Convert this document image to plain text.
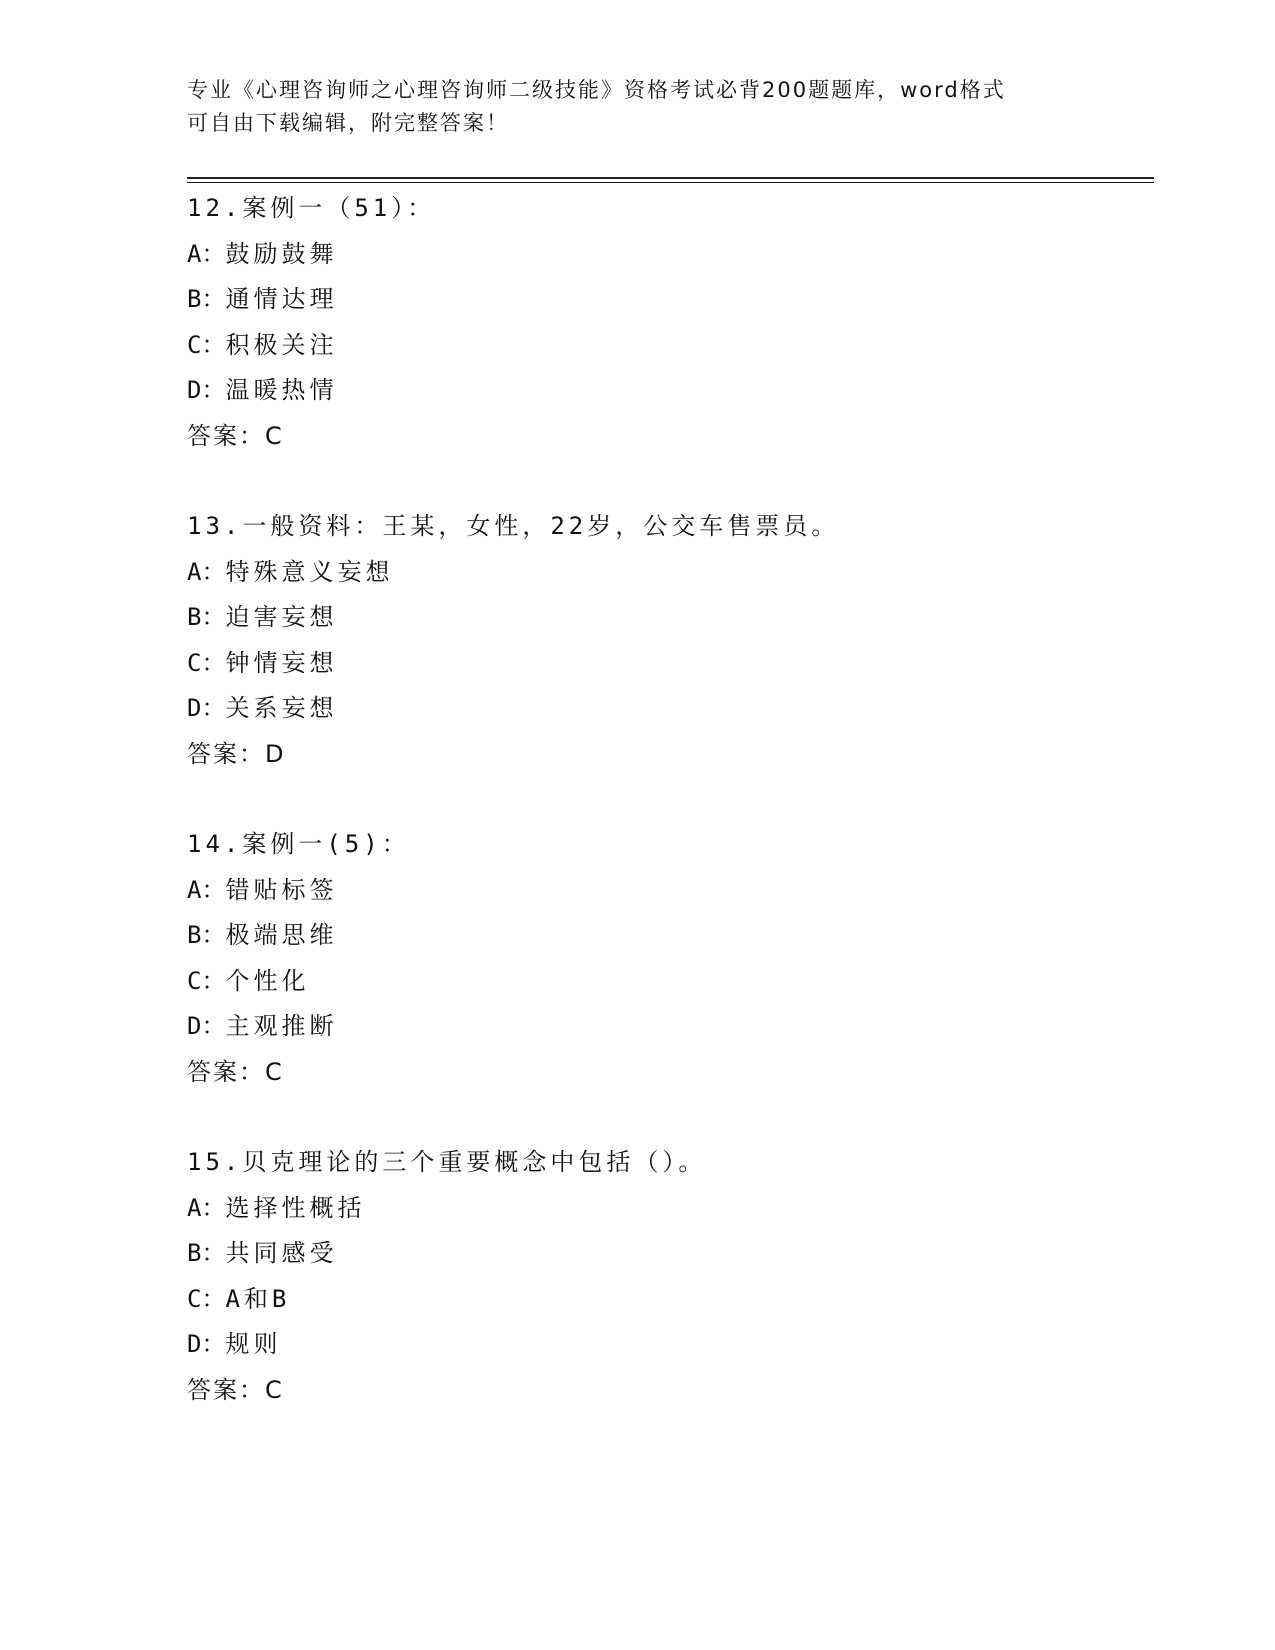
专业《心理咨询师之心理咨询师二级技能》资格考试必背200题题库，word格式
可自由下载编辑，附完整答案！
12.案例一（51）：
A：鼓励鼓舞
B：通情达理
C：积极关注
D：温暖热情
答案：C
13.一般资料：王某，女性，22岁，公交车售票员。
A：特殊意义妄想
B：迫害妄想
C：钟情妄想
D：关系妄想
答案：D
14.案例一(5)：
A：错贴标签
B：极端思维
C：个性化
D：主观推断
答案：C
15.贝克理论的三个重要概念中包括（）。
A：选择性概括
B：共同感受
C：A和B
D：规则
答案：C
